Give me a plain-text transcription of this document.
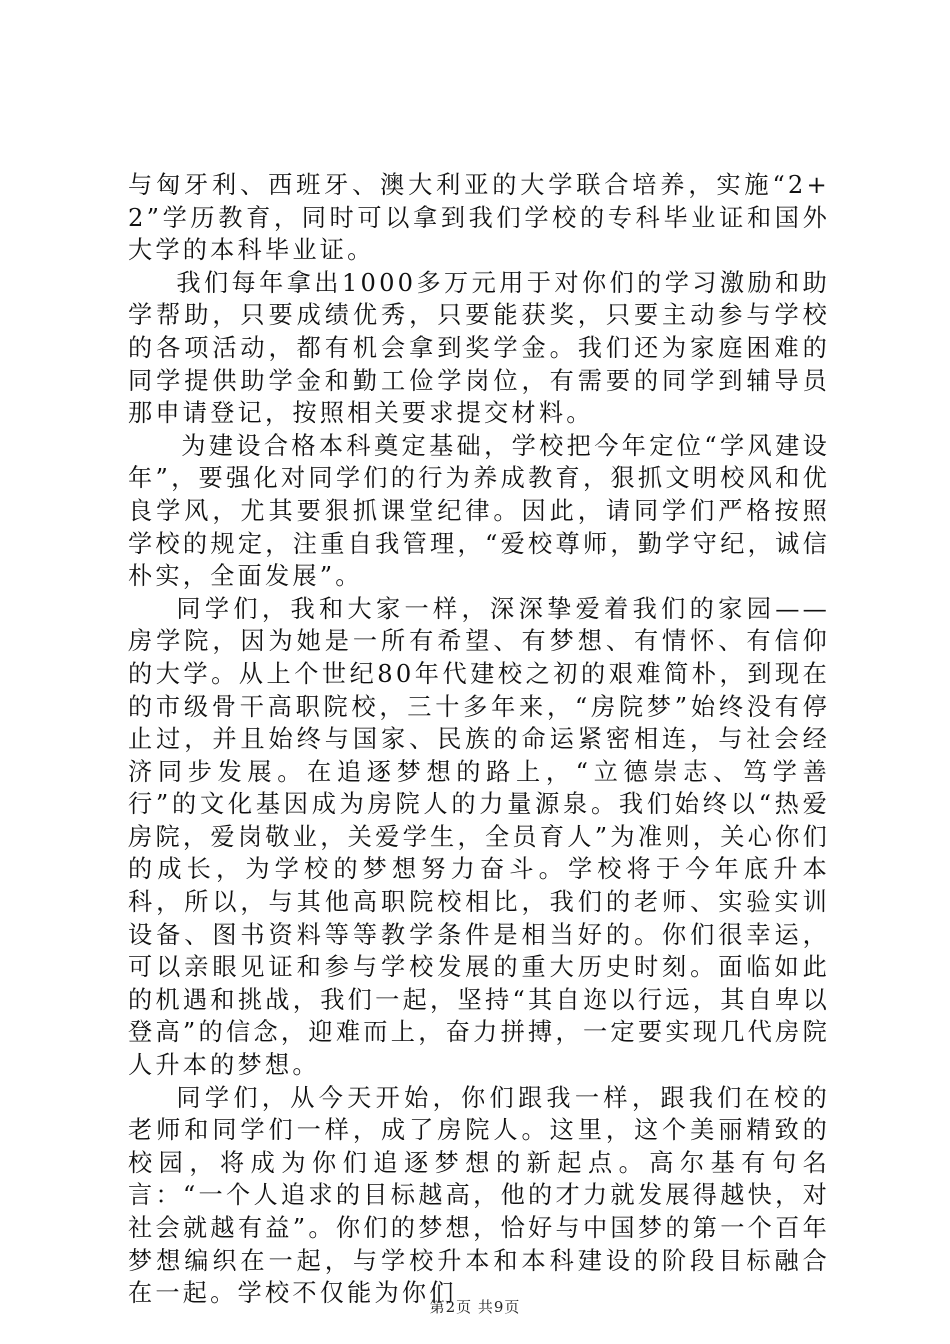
与匈牙利、西班牙、澳大利亚的大学联合培养，实施“2+2”学历教育，同时可以拿到我们学校的专科毕业证和国外大学的本科毕业证。

我们每年拿出1000多万元用于对你们的学习激励和助学帮助，只要成绩优秀，只要能获奖，只要主动参与学校的各项活动，都有机会拿到奖学金。我们还为家庭困难的同学提供助学金和勤工俭学岗位，有需要的同学到辅导员那申请登记，按照相关要求提交材料。

为建设合格本科奠定基础，学校把今年定位“学风建设年”，要强化对同学们的行为养成教育，狠抓文明校风和优良学风，尤其要狠抓课堂纪律。因此，请同学们严格按照学校的规定，注重自我管理，“爱校尊师，勤学守纪，诚信朴实，全面发展”。

同学们，我和大家一样，深深挚爱着我们的家园——房学院，因为她是一所有希望、有梦想、有情怀、有信仰的大学。从上个世纪80年代建校之初的艰难简朴，到现在的市级骨干高职院校，三十多年来，“房院梦”始终没有停止过，并且始终与国家、民族的命运紧密相连，与社会经济同步发展。在追逐梦想的路上，“立德崇志、笃学善行”的文化基因成为房院人的力量源泉。我们始终以“热爱房院，爱岗敬业，关爱学生，全员育人”为准则，关心你们的成长，为学校的梦想努力奋斗。学校将于今年底升本科，所以，与其他高职院校相比，我们的老师、实验实训设备、图书资料等等教学条件是相当好的。你们很幸运，可以亲眼见证和参与学校发展的重大历史时刻。面临如此的机遇和挑战，我们一起，坚持“其自迩以行远，其自卑以登高”的信念，迎难而上，奋力拼搏，一定要实现几代房院人升本的梦想。

同学们，从今天开始，你们跟我一样，跟我们在校的老师和同学们一样，成了房院人。这里，这个美丽精致的校园，将成为你们追逐梦想的新起点。高尔基有句名言：“一个人追求的目标越高，他的才力就发展得越快，对社会就越有益”。你们的梦想，恰好与中国梦的第一个百年梦想编织在一起，与学校升本和本科建设的阶段目标融合在一起。学校不仅能为你们

第2页 共9页
